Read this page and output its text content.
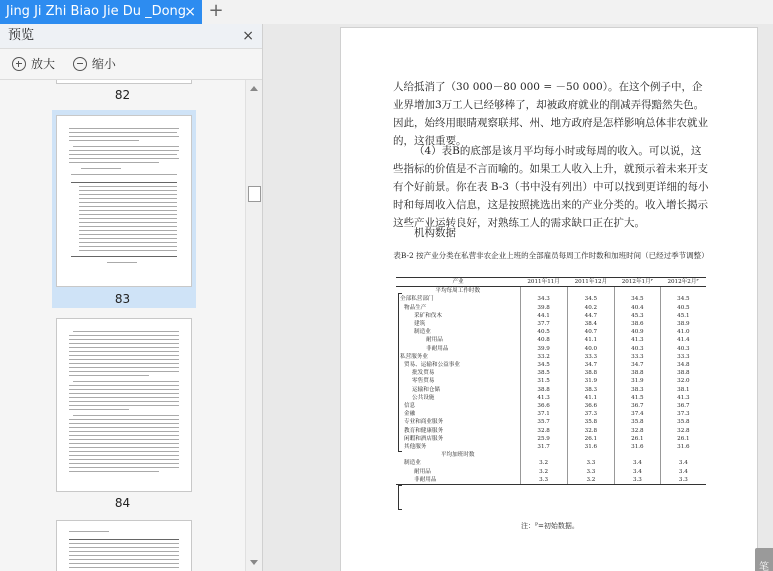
Jing Ji Zhi Biao Jie Du _Dong
× +
预览	×
放大
	缩小
82
83
84
人给抵消了（30 000－80 000 = －50 000）。在这个例子中，企业界增加3万工人已经够棒了，却被政府就业的削减弄得黯然失色。因此，始终用眼睛观察联邦、州、地方政府是怎样影响总体非农就业的，这很重要。
（4）表B的底部是该月平均每小时或每周的收入。可以说，这些指标的价值是不言而喻的。如果工人收入上升，就预示着未来开支有个好前景。你在表 B-3（书中没有列出）中可以找到更详细的每小时和每周收入信息，这是按照挑选出来的产业分类的。收入增长揭示这些产业运转良好，对熟练工人的需求缺口正在扩大。
机构数据
表B-2 按产业分类在私营非农企业上班的全部雇员每周工作时数和加班时间（已经过季节调整）
产业	2011年11月	2011年12月	2012年1月ᴾ	2012年2月ᴾ
平均每周工作时数				
全部私营部门	34.3	34.5	34.5	34.5
物品生产	39.8	40.2	40.4	40.5
采矿和伐木	44.1	44.7	45.3	45.1
建筑	37.7	38.4	38.6	38.9
制造业	40.5	40.7	40.9	41.0
耐用品	40.8	41.1	41.3	41.4
非耐用品	39.9	40.0	40.3	40.3
私营服务业	33.2	33.3	33.3	33.3
贸易、运输和公益事业	34.5	34.7	34.7	34.8
批发贸易	38.5	38.8	38.8	38.8
零售贸易	31.5	31.9	31.9	32.0
运输和仓储	38.8	38.3	38.3	38.1
公共设施	41.3	41.1	41.5	41.3
信息	36.6	36.6	36.7	36.7
金融	37.1	37.3	37.4	37.3
专业和商业服务	35.7	35.8	35.8	35.8
教育和健康服务	32.8	32.8	32.8	32.8
闲暇和酒店服务	25.9	26.1	26.1	26.1
其他服务	31.7	31.6	31.6	31.6
平均加班时数				
制造业	3.2	3.3	3.4	3.4
耐用品	3.2	3.3	3.4	3.4
非耐用品	3.3	3.2	3.3	3.3
注：ᴾ=初始数据。
笔
